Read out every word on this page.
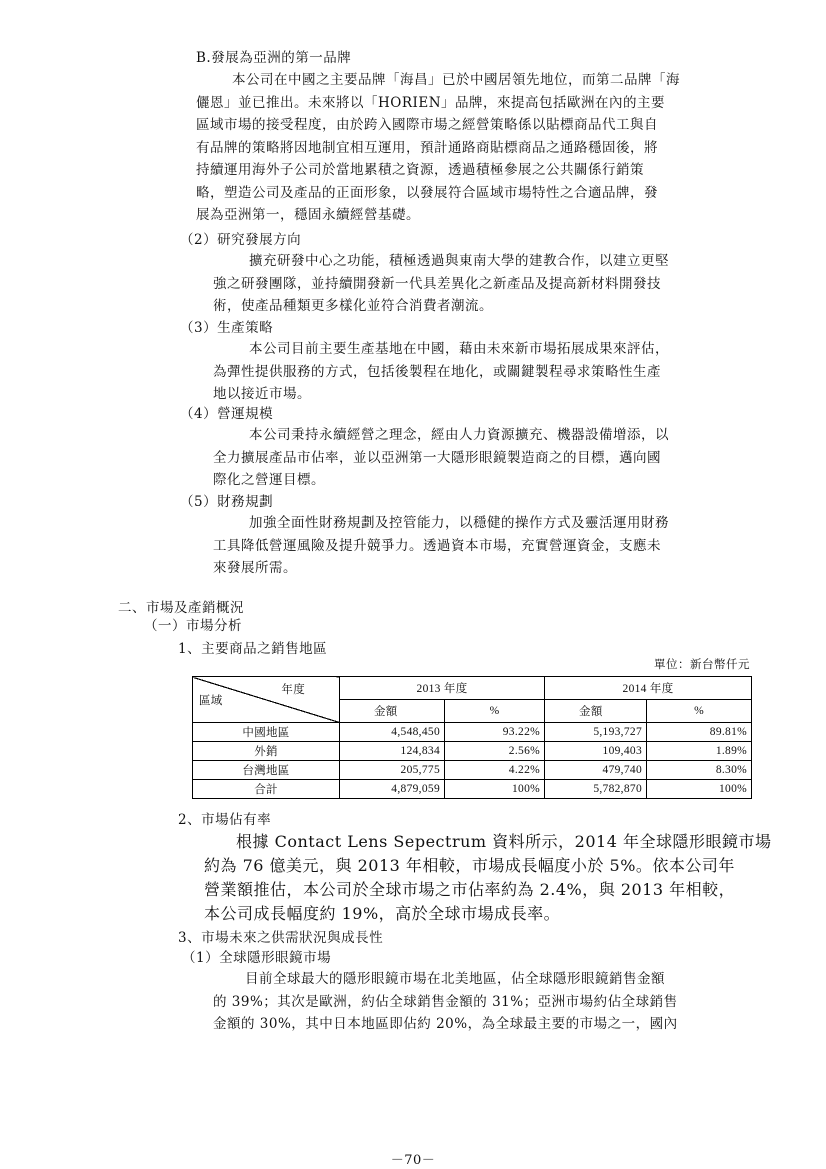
B.發展為亞洲的第一品牌
本公司在中國之主要品牌「海昌」已於中國居領先地位，而第二品牌「海
儷恩」並已推出。未來將以「HORIEN」品牌，來提高包括歐洲在內的主要
區域市場的接受程度，由於跨入國際市場之經營策略係以貼標商品代工與自
有品牌的策略將因地制宜相互運用，預計通路商貼標商品之通路穩固後，將
持續運用海外子公司於當地累積之資源，透過積極參展之公共關係行銷策
略，塑造公司及產品的正面形象，以發展符合區域市場特性之合適品牌，發
展為亞洲第一，穩固永續經營基礎。
（2）研究發展方向
擴充研發中心之功能，積極透過與東南大學的建教合作，以建立更堅
強之研發團隊，並持續開發新一代具差異化之新產品及提高新材料開發技
術，使產品種類更多樣化並符合消費者潮流。
（3）生產策略
本公司目前主要生產基地在中國，藉由未來新市場拓展成果來評估，
為彈性提供服務的方式，包括後製程在地化，或關鍵製程尋求策略性生產
地以接近市場。
（4）營運規模
本公司秉持永續經營之理念，經由人力資源擴充、機器設備增添，以
全力擴展產品市佔率，並以亞洲第一大隱形眼鏡製造商之的目標，邁向國
際化之營運目標。
（5）財務規劃
加強全面性財務規劃及控管能力，以穩健的操作方式及靈活運用財務
工具降低營運風險及提升競爭力。透過資本市場，充實營運資金，支應未
來發展所需。
二、市場及產銷概況
（一）市場分析
1、主要商品之銷售地區
單位：新台幣仟元
年度
區域	2013 年度		2014 年度	
	金額	%	金額	%
中國地區	4,548,450	93.22%	5,193,727	89.81%
外銷	124,834	2.56%	109,403	1.89%
台灣地區	205,775	4.22%	479,740	8.30%
合計	4,879,059	100%	5,782,870	100%
2、市場佔有率
根據 Contact Lens Sepectrum 資料所示，2014 年全球隱形眼鏡市場
約為 76 億美元，與 2013 年相較，市場成長幅度小於 5%。依本公司年
營業額推估，本公司於全球市場之市佔率約為 2.4%，與 2013 年相較，
本公司成長幅度約 19%，高於全球市場成長率。
3、市場未來之供需狀況與成長性
（1）全球隱形眼鏡市場
目前全球最大的隱形眼鏡市場在北美地區，佔全球隱形眼鏡銷售金額
的 39%；其次是歐洲，約佔全球銷售金額的 31%；亞洲市場約佔全球銷售
金額的 30%，其中日本地區即佔約 20%，為全球最主要的市場之一，國內
－70－
